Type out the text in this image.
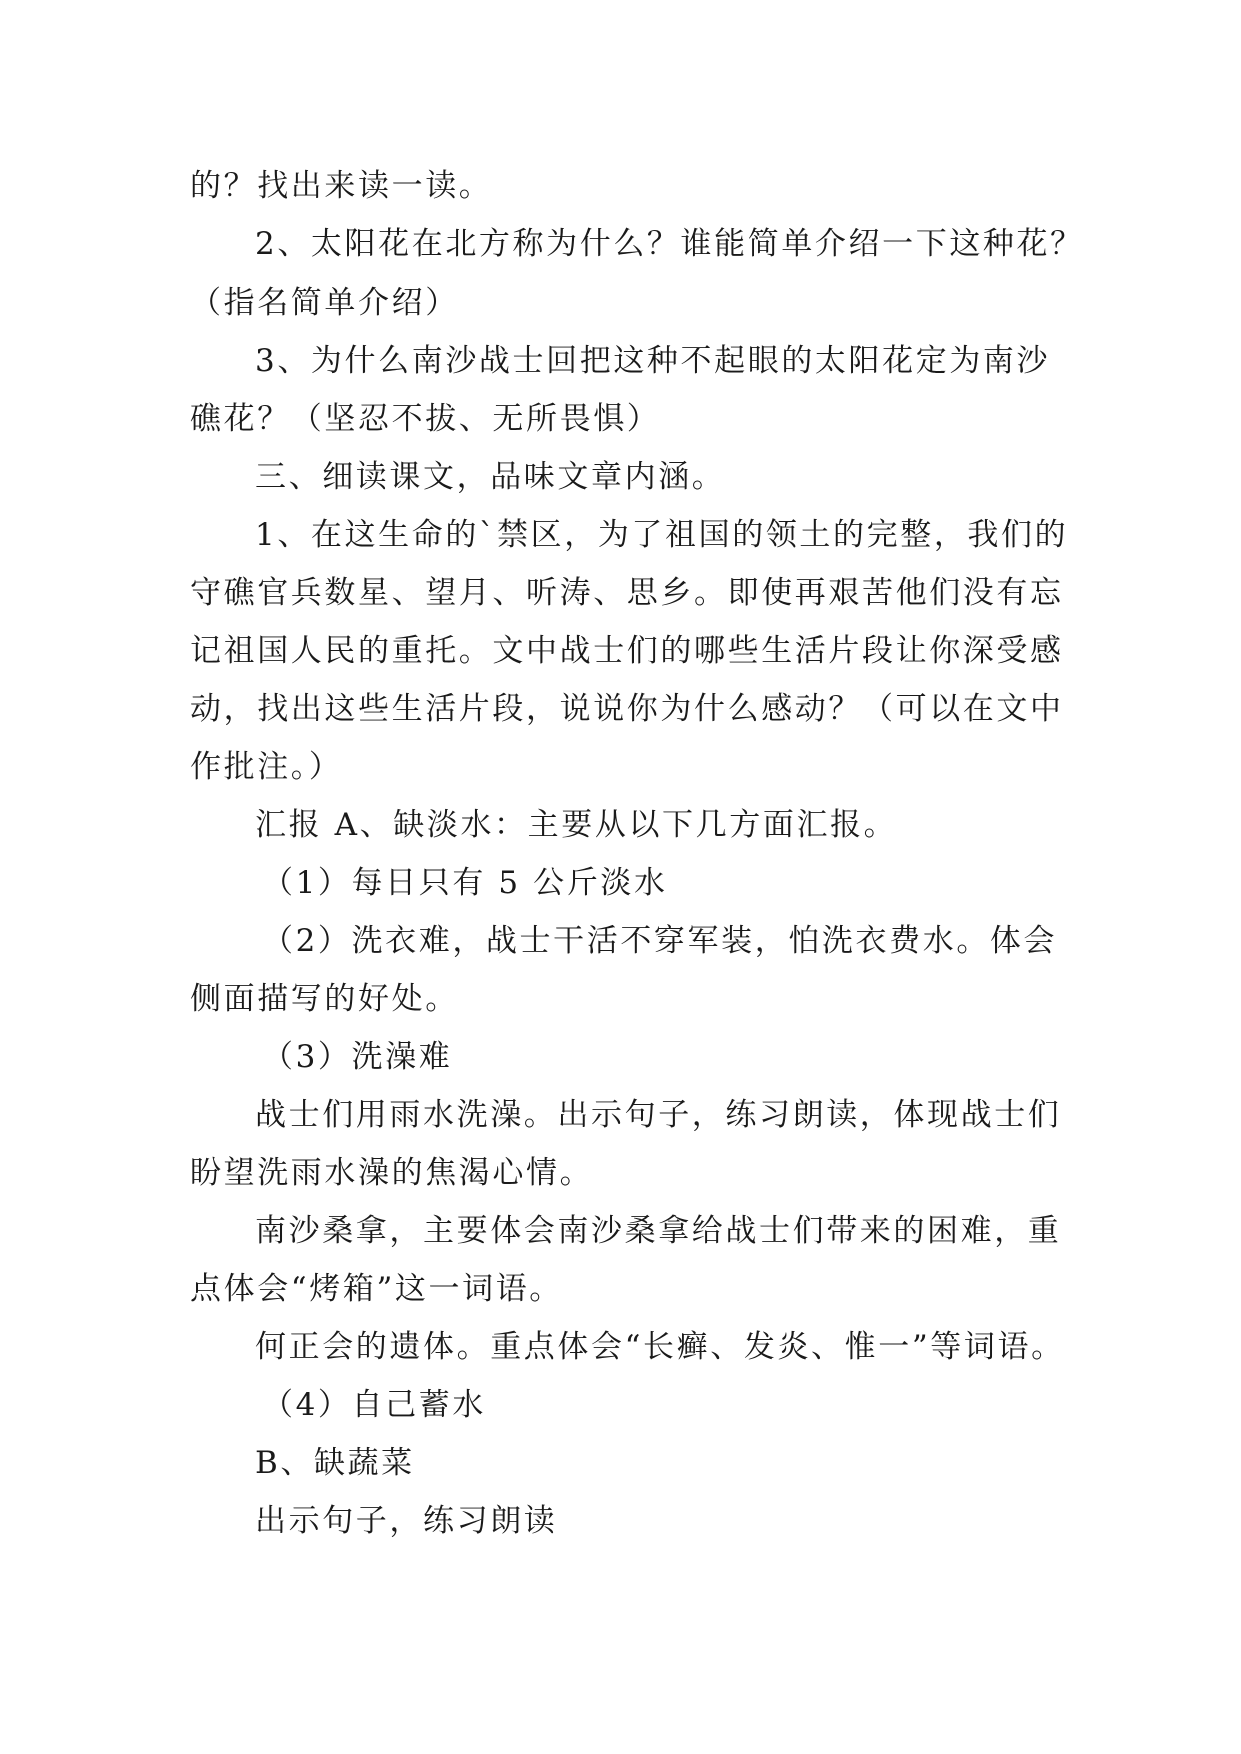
的？找出来读一读。
2、太阳花在北方称为什么？谁能简单介绍一下这种花？
（指名简单介绍）
3、为什么南沙战士回把这种不起眼的太阳花定为南沙
礁花？（坚忍不拔、无所畏惧）
三、细读课文，品味文章内涵。
1、在这生命的`禁区，为了祖国的领土的完整，我们的
守礁官兵数星、望月、听涛、思乡。即使再艰苦他们没有忘
记祖国人民的重托。文中战士们的哪些生活片段让你深受感
动，找出这些生活片段，说说你为什么感动？（可以在文中
作批注。）
汇报 A、缺淡水：主要从以下几方面汇报。
（1）每日只有 5 公斤淡水
（2）洗衣难，战士干活不穿军装，怕洗衣费水。体会
侧面描写的好处。
（3）洗澡难
战士们用雨水洗澡。出示句子，练习朗读，体现战士们
盼望洗雨水澡的焦渴心情。
南沙桑拿，主要体会南沙桑拿给战士们带来的困难，重
点体会“烤箱”这一词语。
何正会的遗体。重点体会“长癣、发炎、惟一”等词语。
（4）自己蓄水
B、缺蔬菜
出示句子，练习朗读
